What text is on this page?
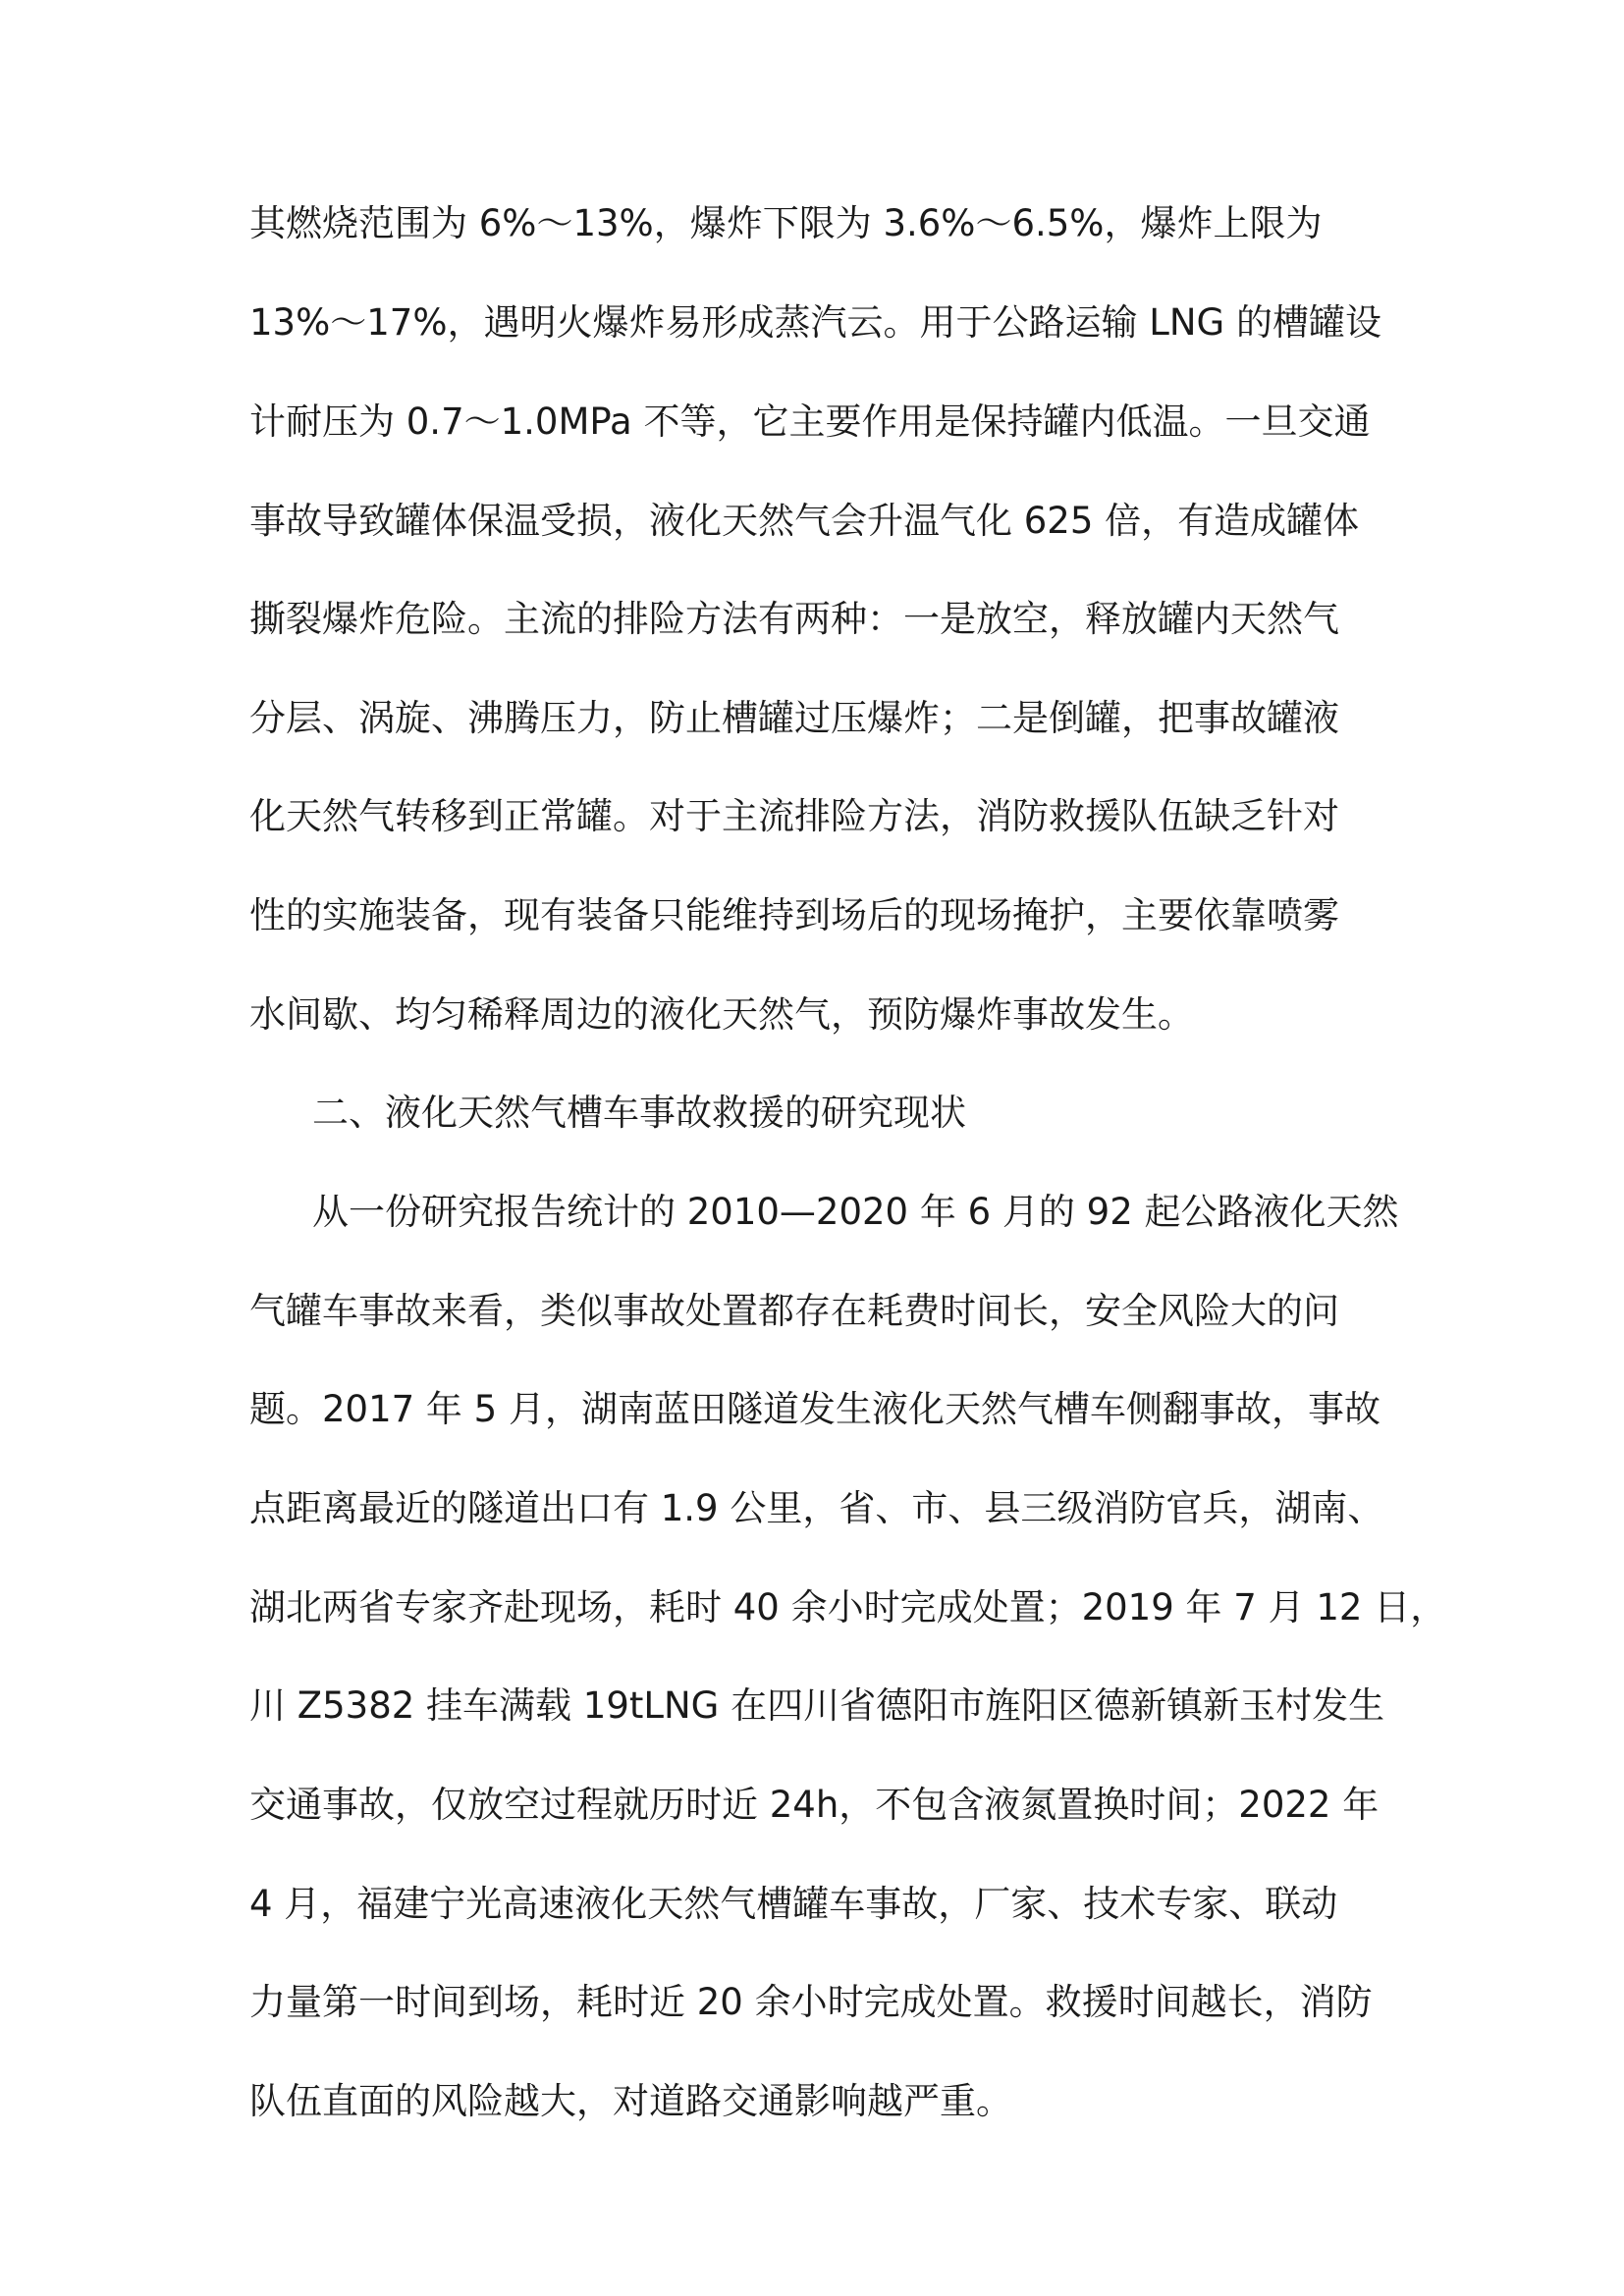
其燃烧范围为 6%～13%，爆炸下限为 3.6%～6.5%，爆炸上限为
13%～17%，遇明火爆炸易形成蒸汽云。用于公路运输 LNG 的槽罐设
计耐压为 0.7～1.0MPa 不等，它主要作用是保持罐内低温。一旦交通
事故导致罐体保温受损，液化天然气会升温气化 625 倍，有造成罐体
撕裂爆炸危险。主流的排险方法有两种：一是放空，释放罐内天然气
分层、涡旋、沸腾压力，防止槽罐过压爆炸；二是倒罐，把事故罐液
化天然气转移到正常罐。对于主流排险方法，消防救援队伍缺乏针对
性的实施装备，现有装备只能维持到场后的现场掩护，主要依靠喷雾
水间歇、均匀稀释周边的液化天然气，预防爆炸事故发生。
二、液化天然气槽车事故救援的研究现状
从一份研究报告统计的 2010—2020 年 6 月的 92 起公路液化天然
气罐车事故来看，类似事故处置都存在耗费时间长，安全风险大的问
题。2017 年 5 月，湖南蓝田隧道发生液化天然气槽车侧翻事故，事故
点距离最近的隧道出口有 1.9 公里，省、市、县三级消防官兵，湖南、
湖北两省专家齐赴现场，耗时 40 余小时完成处置；2019 年 7 月 12 日，
川 Z5382 挂车满载 19tLNG 在四川省德阳市旌阳区德新镇新玉村发生
交通事故，仅放空过程就历时近 24h，不包含液氮置换时间；2022 年
4 月，福建宁光高速液化天然气槽罐车事故，厂家、技术专家、联动
力量第一时间到场，耗时近 20 余小时完成处置。救援时间越长，消防
队伍直面的风险越大，对道路交通影响越严重。
